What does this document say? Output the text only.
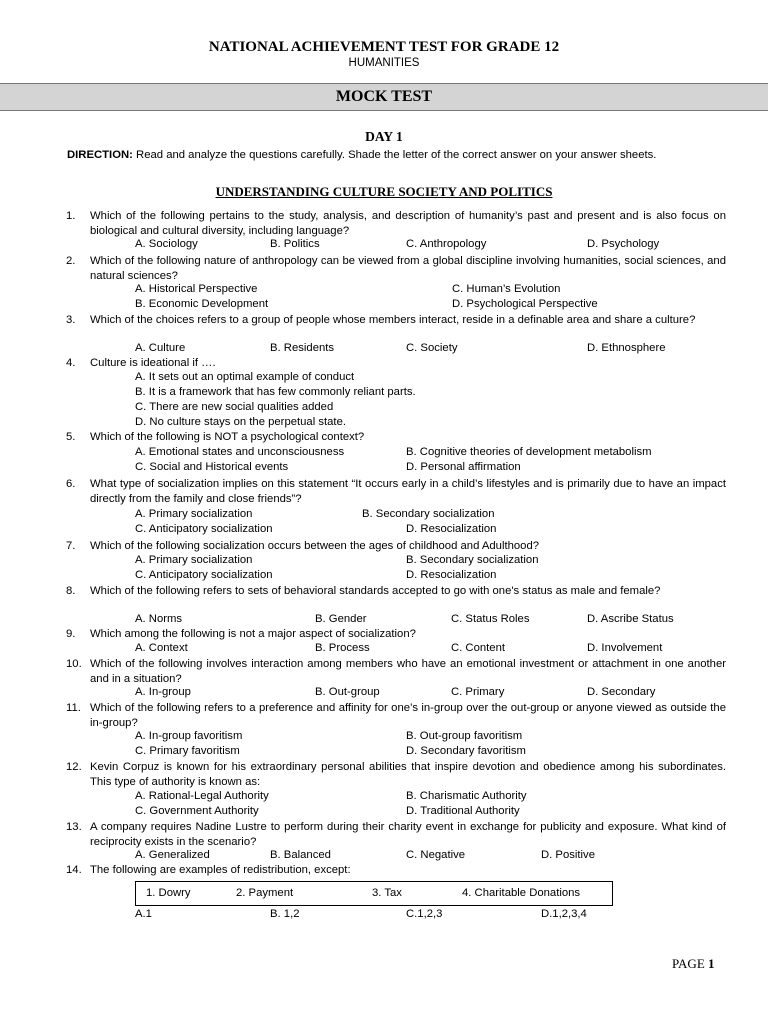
NATIONAL ACHIEVEMENT TEST FOR GRADE 12
HUMANITIES
MOCK TEST
DAY 1
DIRECTION: Read and analyze the questions carefully. Shade the letter of the correct answer on your answer sheets.
UNDERSTANDING CULTURE SOCIETY AND POLITICS
1. Which of the following pertains to the study, analysis, and description of humanity’s past and present and is also focus on biological and cultural diversity, including language?
A. Sociology	B. Politics	C. Anthropology	D. Psychology
2. Which of the following nature of anthropology can be viewed from a global discipline involving humanities, social sciences, and natural sciences?
A. Historical Perspective	C. Human’s Evolution
B. Economic Development	D. Psychological Perspective
3. Which of the choices refers to a group of people whose members interact, reside in a definable area and share a culture?
A. Culture	B. Residents	C. Society	D. Ethnosphere
4. Culture is ideational if ….
A. It sets out an optimal example of conduct
B. It is a framework that has few commonly reliant parts.
C. There are new social qualities added
D. No culture stays on the perpetual state.
5. Which of the following is NOT a psychological context?
A. Emotional states and unconsciousness	B. Cognitive theories of development metabolism
C. Social and Historical events	D. Personal affirmation
6. What type of socialization implies on this statement “It occurs early in a child’s lifestyles and is primarily due to have an impact directly from the family and close friends”?
A. Primary socialization	B. Secondary socialization
C. Anticipatory socialization	D. Resocialization
7. Which of the following socialization occurs between the ages of childhood and Adulthood?
A. Primary socialization	B. Secondary socialization
C. Anticipatory socialization	D. Resocialization
8. Which of the following refers to sets of behavioral standards accepted to go with one's status as male and female?
A. Norms	B. Gender	C. Status Roles	D. Ascribe Status
9. Which among the following is not a major aspect of socialization?
A. Context	B. Process	C. Content	D. Involvement
10. Which of the following involves interaction among members who have an emotional investment or attachment in one another and in a situation?
A. In-group	B. Out-group	C. Primary	D. Secondary
11. Which of the following refers to a preference and affinity for one’s in-group over the out-group or anyone viewed as outside the in-group?
A. In-group favoritism	B. Out-group favoritism
C. Primary favoritism	D. Secondary favoritism
12. Kevin Corpuz is known for his extraordinary personal abilities that inspire devotion and obedience among his subordinates. This type of authority is known as:
A. Rational-Legal Authority	B. Charismatic Authority
C. Government Authority	D. Traditional Authority
13. A company requires Nadine Lustre to perform during their charity event in exchange for publicity and exposure. What kind of reciprocity exists in the scenario?
A. Generalized	B. Balanced	C. Negative	D. Positive
14. The following are examples of redistribution, except:
A.1	B. 1,2	C.1,2,3	D.1,2,3,4
1. Dowry	2. Payment	3. Tax	4. Charitable Donations
PAGE 1
